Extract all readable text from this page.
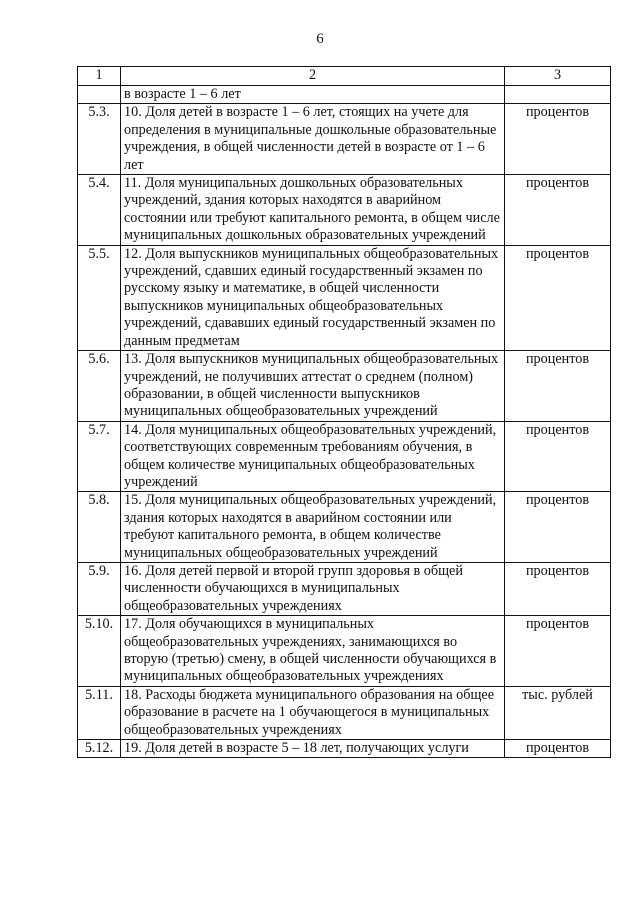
6
1	2	3
	в возрасте 1 – 6 лет	
5.3.	10. Доля детей в возрасте 1 – 6 лет, стоящих на учете для определения в муниципальные дошкольные образовательные учреждения, в общей численности детей в возрасте от 1 – 6 лет	процентов
5.4.	11. Доля муниципальных дошкольных образовательных учреждений, здания которых находятся в аварийном состоянии или требуют капитального ремонта, в общем числе муниципальных дошкольных образовательных учреждений	процентов
5.5.	12. Доля выпускников муниципальных общеобразовательных учреждений, сдавших единый государственный экзамен по русскому языку и математике, в общей численности выпускников муниципальных общеобразовательных учреждений, сдававших единый государственный экзамен по данным предметам	процентов
5.6.	13. Доля выпускников муниципальных общеобразовательных учреждений, не получивших аттестат о среднем (полном) образовании, в общей численности выпускников муниципальных общеобразовательных учреждений	процентов
5.7.	14. Доля муниципальных общеобразовательных учреждений, соответствующих современным требованиям обучения, в общем количестве муниципальных общеобразовательных учреждений	процентов
5.8.	15. Доля муниципальных общеобразовательных учреждений, здания которых находятся в аварийном состоянии или требуют капитального ремонта, в общем количестве муниципальных общеобразовательных учреждений	процентов
5.9.	16. Доля детей первой и второй групп здоровья в общей численности обучающихся в муниципальных общеобразовательных учреждениях	процентов
5.10.	17. Доля обучающихся в муниципальных общеобразовательных учреждениях, занимающихся во вторую (третью) смену, в общей численности обучающихся в муниципальных общеобразовательных учреждениях	процентов
5.11.	18. Расходы бюджета муниципального образования на общее образование в расчете на 1 обучающегося в муниципальных общеобразовательных учреждениях	тыс. рублей
5.12.	19. Доля детей в возрасте 5 – 18 лет, получающих услуги	процентов
